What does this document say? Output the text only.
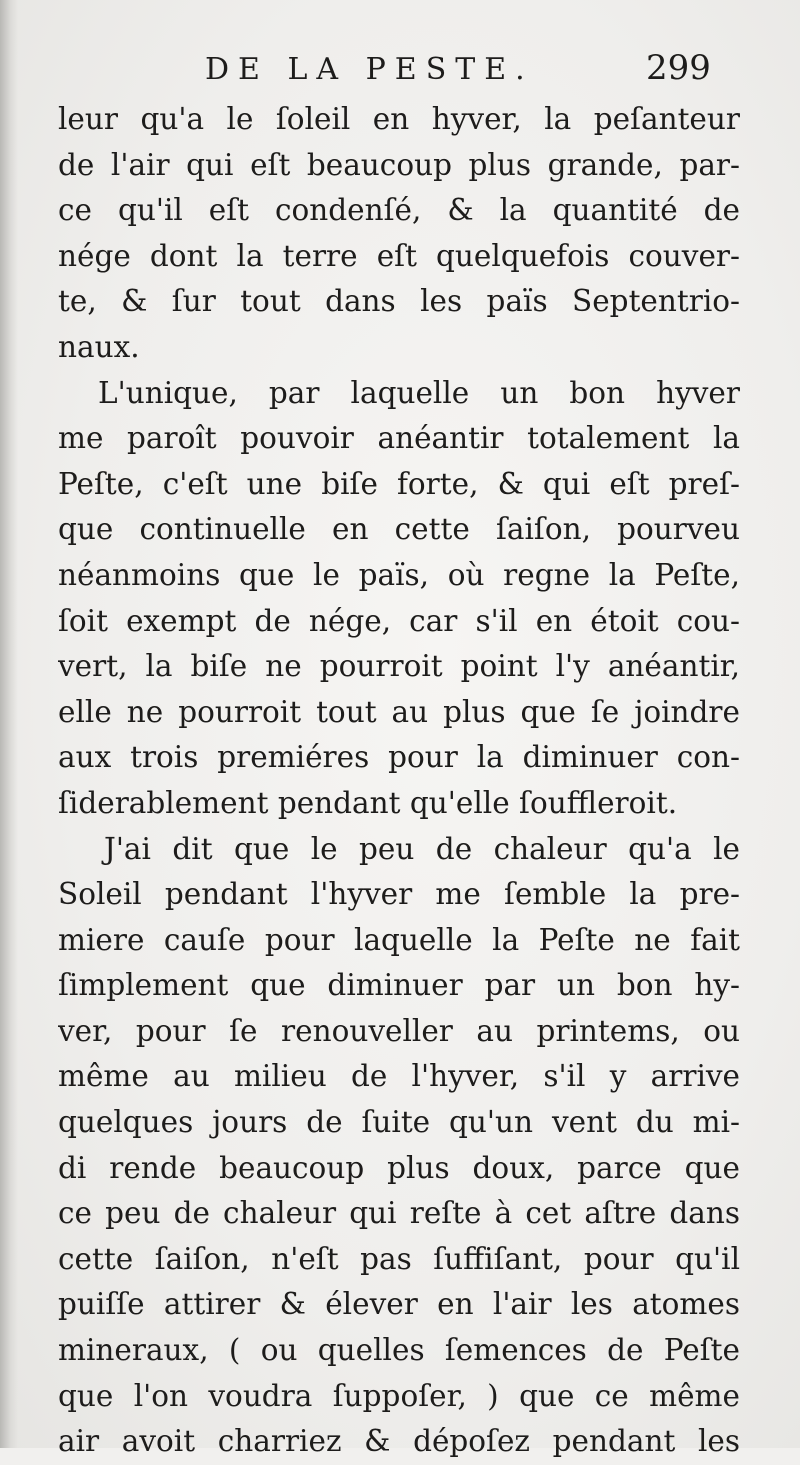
DE LA PESTE.	299
leur qu'a le ſoleil en hyver, la peſanteur
de l'air qui eſt beaucoup plus grande, par-
ce qu'il eſt condenſé, & la quantité de
nége dont la terre eſt quelquefois couver-
te, & ſur tout dans les païs Septentrio-
naux.
L'unique, par laquelle un bon hyver
me paroît pouvoir anéantir totalement la
Peſte, c'eſt une biſe forte, & qui eſt preſ-
que continuelle en cette ſaiſon, pourveu
néanmoins que le païs, où regne la Peſte,
ſoit exempt de nége, car s'il en étoit cou-
vert, la biſe ne pourroit point l'y anéantir,
elle ne pourroit tout au plus que ſe joindre
aux trois premiéres pour la diminuer con-
ſiderablement pendant qu'elle ſouffleroit.
J'ai dit que le peu de chaleur qu'a le
Soleil pendant l'hyver me ſemble la pre-
miere cauſe pour laquelle la Peſte ne fait
ſimplement que diminuer par un bon hy-
ver, pour ſe renouveller au printems, ou
même au milieu de l'hyver, s'il y arrive
quelques jours de ſuite qu'un vent du mi-
di rende beaucoup plus doux, parce que
ce peu de chaleur qui reſte à cet aſtre dans
cette ſaiſon, n'eſt pas ſuffiſant, pour qu'il
puiſſe attirer & élever en l'air les atomes
mineraux, ( ou quelles ſemences de Peſte
que l'on voudra ſuppoſer, ) que ce même
air avoit charriez & dépoſez pendant les
